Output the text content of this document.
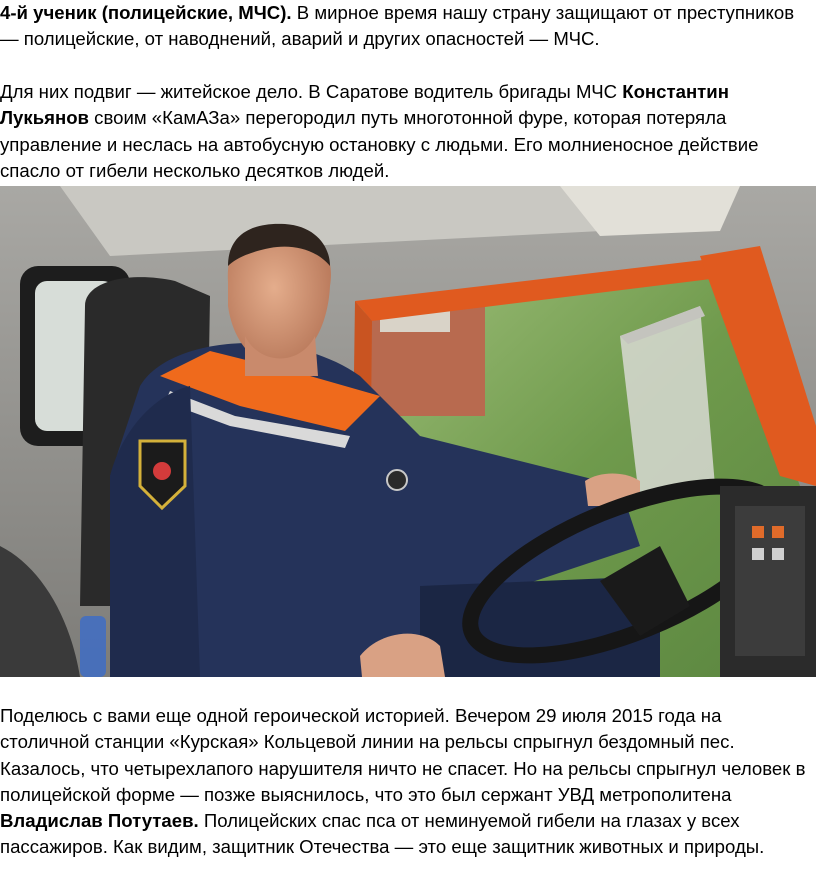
4-й ученик (полицейские, МЧС). В мирное время нашу страну защищают от преступников — полицейские, от наводнений, аварий и других опасностей — МЧС.

Для них подвиг — житейское дело. В Саратове водитель бригады МЧС Константин Лукьянов своим «КамАЗа» перегородил путь многотонной фуре, которая потеряла управление и неслась на автобусную остановку с людьми. Его молниеносное действие спасло от гибели несколько десятков людей.

Поделюсь с вами еще одной героической историей. Вечером 29 июля 2015 года на столичной станции «Курская» Кольцевой линии на рельсы спрыгнул бездомный пес. Казалось, что четырехлапого нарушителя ничто не спасет. Но на рельсы спрыгнул человек в полицейской форме — позже выяснилось, что это был сержант УВД метрополитена Владислав Потутаев. Полицейских спас пса от неминуемой гибели на глазах у всех пассажиров. Как видим, защитник Отечества — это еще защитник животных и природы.
